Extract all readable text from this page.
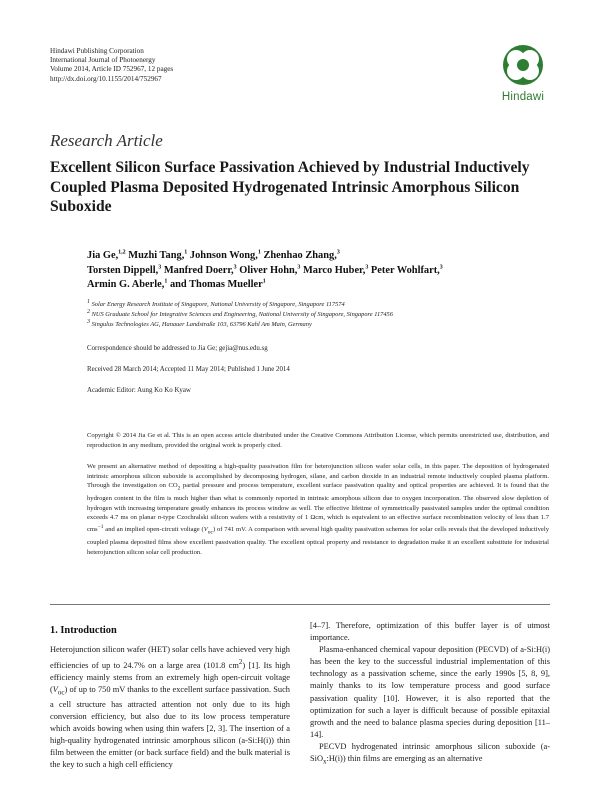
Hindawi Publishing Corporation
International Journal of Photoenergy
Volume 2014, Article ID 752967, 12 pages
http://dx.doi.org/10.1155/2014/752967
Hindawi
Research Article
Excellent Silicon Surface Passivation Achieved by Industrial Inductively Coupled Plasma Deposited Hydrogenated Intrinsic Amorphous Silicon Suboxide
Jia Ge,$^{1,2}$ Muzhi Tang,$^1$ Johnson Wong,$^1$ Zhenhao Zhang,$^3$
Torsten Dippell,$^3$ Manfred Doerr,$^3$ Oliver Hohn,$^3$ Marco Huber,$^3$ Peter Wohlfart,$^3$
Armin G. Aberle,$^1$ and Thomas Mueller$^1$
$^1$ Solar Energy Research Institute of Singapore, National University of Singapore, Singapore 117574
$^2$ NUS Graduate School for Integrative Sciences and Engineering, National University of Singapore, Singapore 117456
$^3$ Singulus Technologies AG, Hanauer Landstraße 103, 63796 Kahl Am Main, Germany
Correspondence should be addressed to Jia Ge; gejia@nus.edu.sg
Received 28 March 2014; Accepted 11 May 2014; Published 1 June 2014
Academic Editor: Aung Ko Ko Kyaw
Copyright © 2014 Jia Ge et al. This is an open access article distributed under the Creative Commons Attribution License, which permits unrestricted use, distribution, and reproduction in any medium, provided the original work is properly cited.
We present an alternative method of depositing a high-quality passivation film for heterojunction silicon wafer solar cells, in this paper. The deposition of hydrogenated intrinsic amorphous silicon suboxide is accomplished by decomposing hydrogen, silane, and carbon dioxide in an industrial remote inductively coupled plasma platform. Through the investigation on $CO_2$ partial pressure and process temperature, excellent surface passivation quality and optical properties are achieved. It is found that the hydrogen content in the film is much higher than what is commonly reported in intrinsic amorphous silicon due to oxygen incorporation. The observed slow depletion of hydrogen with increasing temperature greatly enhances its process window as well. The effective lifetime of symmetrically passivated samples under the optimal condition exceeds 4.7 ms on planar n-type Czochralski silicon wafers with a resistivity of 1 Ωcm, which is equivalent to an effective surface recombination velocity of less than 1.7 cms$^{-1}$ and an implied open-circuit voltage $(V_{oc})$ of 741 mV. A comparison with several high quality passivation schemes for solar cells reveals that the developed inductively coupled plasma deposited films show excellent passivation quality. The excellent optical property and resistance to degradation make it an excellent substitute for industrial heterojunction silicon solar cell production.
1. Introduction

Heterojunction silicon wafer (HET) solar cells have achieved very high efficiencies of up to 24.7% on a large area (101.8 $cm^2$) [1]. Its high efficiency mainly stems from an extremely high open-circuit voltage $(V_{oc})$ of up to 750 mV thanks to the excellent surface passivation. Such a cell structure has attracted attention not only due to its high conversion efficiency, but also due to its low process temperature which avoids bowing when using thin wafers [2, 3]. The insertion of a high-quality hydrogenated intrinsic amorphous silicon (a-Si:H(i)) thin film between the emitter (or back surface field) and the bulk material is the key to such a high cell efficiency

[4–7]. Therefore, optimization of this buffer layer is of utmost importance.

Plasma-enhanced chemical vapour deposition (PECVD) of a-Si:H(i) has been the key to the successful industrial implementation of this technology as a passivation scheme, since the early 1990s [5, 8, 9], mainly thanks to its low temperature process and good surface passivation quality [10]. However, it is also reported that the optimization for such a layer is difficult because of possible epitaxial growth and the need to balance plasma species during deposition [11–14].

PECVD hydrogenated intrinsic amorphous silicon suboxide (a-SiO$_x$:H(i)) thin films are emerging as an alternative
